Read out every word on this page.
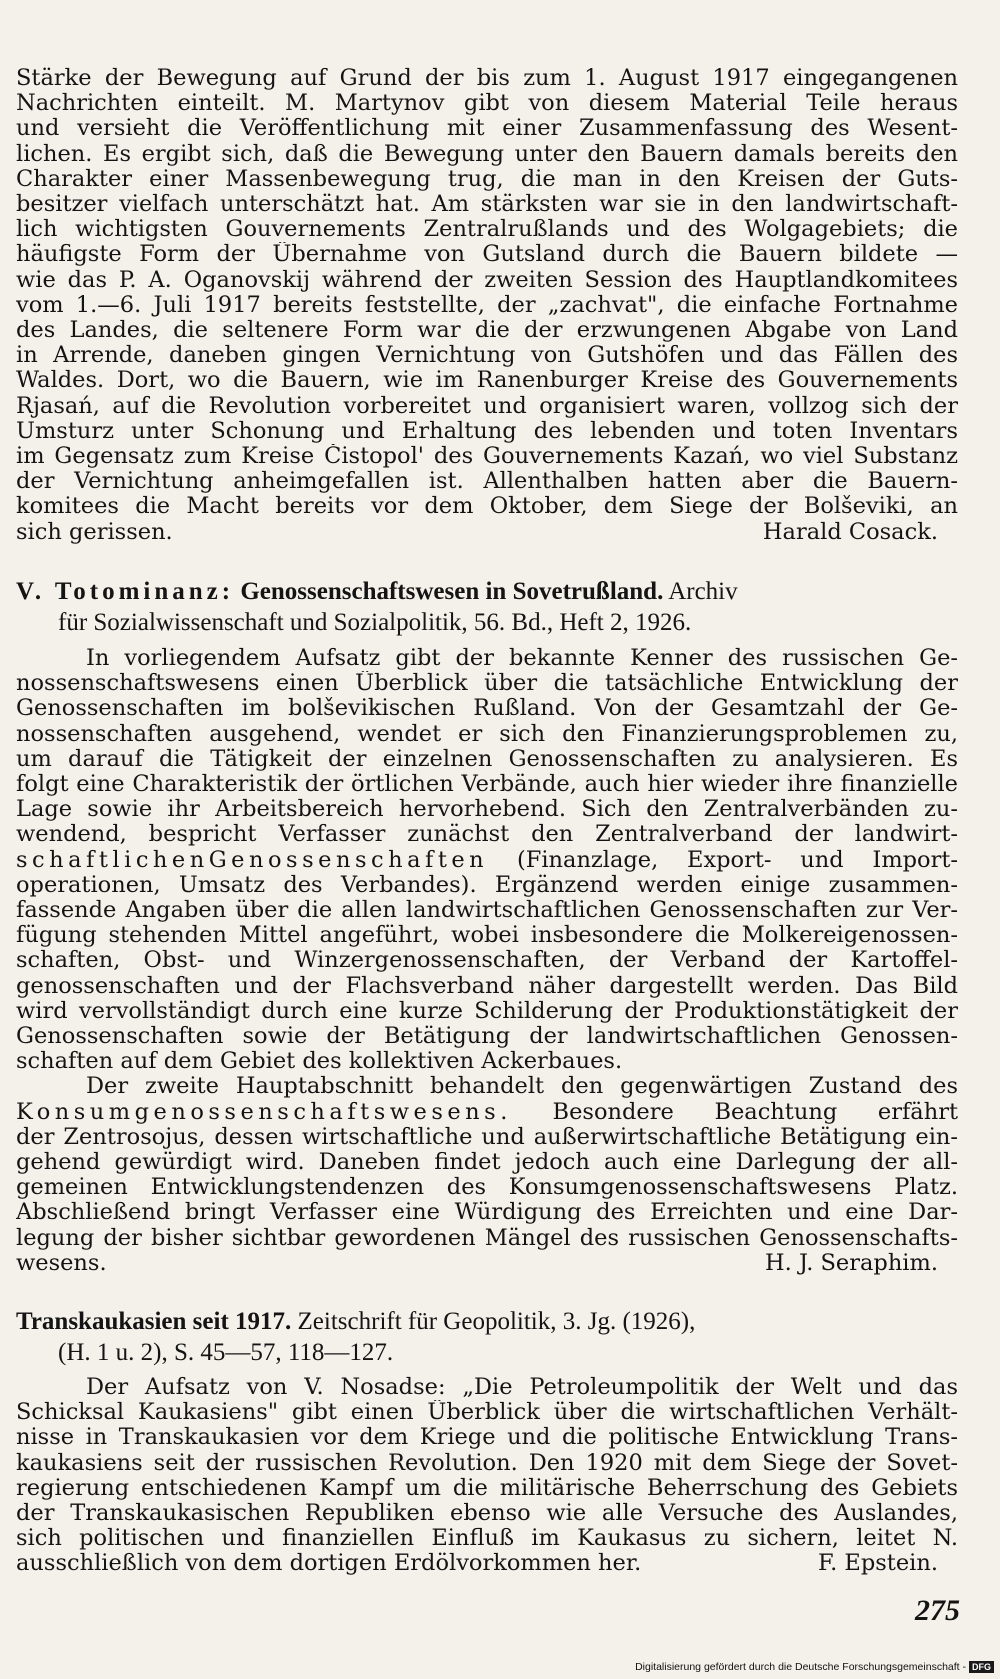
Stärke der Bewegung auf Grund der bis zum 1. August 1917 eingegangenen
Nachrichten einteilt. M. Martynov gibt von diesem Material Teile heraus
und versieht die Veröffentlichung mit einer Zusammenfassung des Wesent-
lichen. Es ergibt sich, daß die Bewegung unter den Bauern damals bereits den
Charakter einer Massenbewegung trug, die man in den Kreisen der Guts-
besitzer vielfach unterschätzt hat. Am stärksten war sie in den landwirtschaft-
lich wichtigsten Gouvernements Zentralrußlands und des Wolgagebiets; die
häufigste Form der Übernahme von Gutsland durch die Bauern bildete —
wie das P. A. Oganovskij während der zweiten Session des Hauptlandkomitees
vom 1.—6. Juli 1917 bereits feststellte, der „zachvat", die einfache Fortnahme
des Landes, die seltenere Form war die der erzwungenen Abgabe von Land
in Arrende, daneben gingen Vernichtung von Gutshöfen und das Fällen des
Waldes. Dort, wo die Bauern, wie im Ranenburger Kreise des Gouvernements
Rjasań, auf die Revolution vorbereitet und organisiert waren, vollzog sich der
Umsturz unter Schonung und Erhaltung des lebenden und toten Inventars
im Gegensatz zum Kreise Čistopol' des Gouvernements Kazań, wo viel Substanz
der Vernichtung anheimgefallen ist. Allenthalben hatten aber die Bauern-
komitees die Macht bereits vor dem Oktober, dem Siege der Bolševiki, an
sich gerissen.	Harald Cosack.
V. Totominanz: Genossenschaftswesen in Sovetrußland. Archiv
für Sozialwissenschaft und Sozialpolitik, 56. Bd., Heft 2, 1926.
In vorliegendem Aufsatz gibt der bekannte Kenner des russischen Ge-
nossenschaftswesens einen Überblick über die tatsächliche Entwicklung der
Genossenschaften im bolševikischen Rußland. Von der Gesamtzahl der Ge-
nossenschaften ausgehend, wendet er sich den Finanzierungsproblemen zu,
um darauf die Tätigkeit der einzelnen Genossenschaften zu analysieren. Es
folgt eine Charakteristik der örtlichen Verbände, auch hier wieder ihre finanzielle
Lage sowie ihr Arbeitsbereich hervorhebend. Sich den Zentralverbänden zu-
wendend, bespricht Verfasser zunächst den Zentralverband der landwirt-
schaftlichenGenossenschaften (Finanzlage, Export- und Import-
operationen, Umsatz des Verbandes). Ergänzend werden einige zusammen-
fassende Angaben über die allen landwirtschaftlichen Genossenschaften zur Ver-
fügung stehenden Mittel angeführt, wobei insbesondere die Molkereigenossen-
schaften, Obst- und Winzergenossenschaften, der Verband der Kartoffel-
genossenschaften und der Flachsverband näher dargestellt werden. Das Bild
wird vervollständigt durch eine kurze Schilderung der Produktionstätigkeit der
Genossenschaften sowie der Betätigung der landwirtschaftlichen Genossen-
schaften auf dem Gebiet des kollektiven Ackerbaues.
Der zweite Hauptabschnitt behandelt den gegenwärtigen Zustand des
Konsumgenossenschaftswesens. Besondere Beachtung erfährt
der Zentrosojus, dessen wirtschaftliche und außerwirtschaftliche Betätigung ein-
gehend gewürdigt wird. Daneben findet jedoch auch eine Darlegung der all-
gemeinen Entwicklungstendenzen des Konsumgenossenschaftswesens Platz.
Abschließend bringt Verfasser eine Würdigung des Erreichten und eine Dar-
legung der bisher sichtbar gewordenen Mängel des russischen Genossenschafts-
wesens.	H. J. Seraphim.
Transkaukasien seit 1917. Zeitschrift für Geopolitik, 3. Jg. (1926),
(H. 1 u. 2), S. 45—57, 118—127.
Der Aufsatz von V. Nosadse: „Die Petroleumpolitik der Welt und das
Schicksal Kaukasiens" gibt einen Überblick über die wirtschaftlichen Verhält-
nisse in Transkaukasien vor dem Kriege und die politische Entwicklung Trans-
kaukasiens seit der russischen Revolution. Den 1920 mit dem Siege der Sovet-
regierung entschiedenen Kampf um die militärische Beherrschung des Gebiets
der Transkaukasischen Republiken ebenso wie alle Versuche des Auslandes,
sich politischen und finanziellen Einfluß im Kaukasus zu sichern, leitet N.
ausschließlich von dem dortigen Erdölvorkommen her.	F. Epstein.
275
Digitalisierung gefördert durch die Deutsche Forschungsgemeinschaft - DFG
